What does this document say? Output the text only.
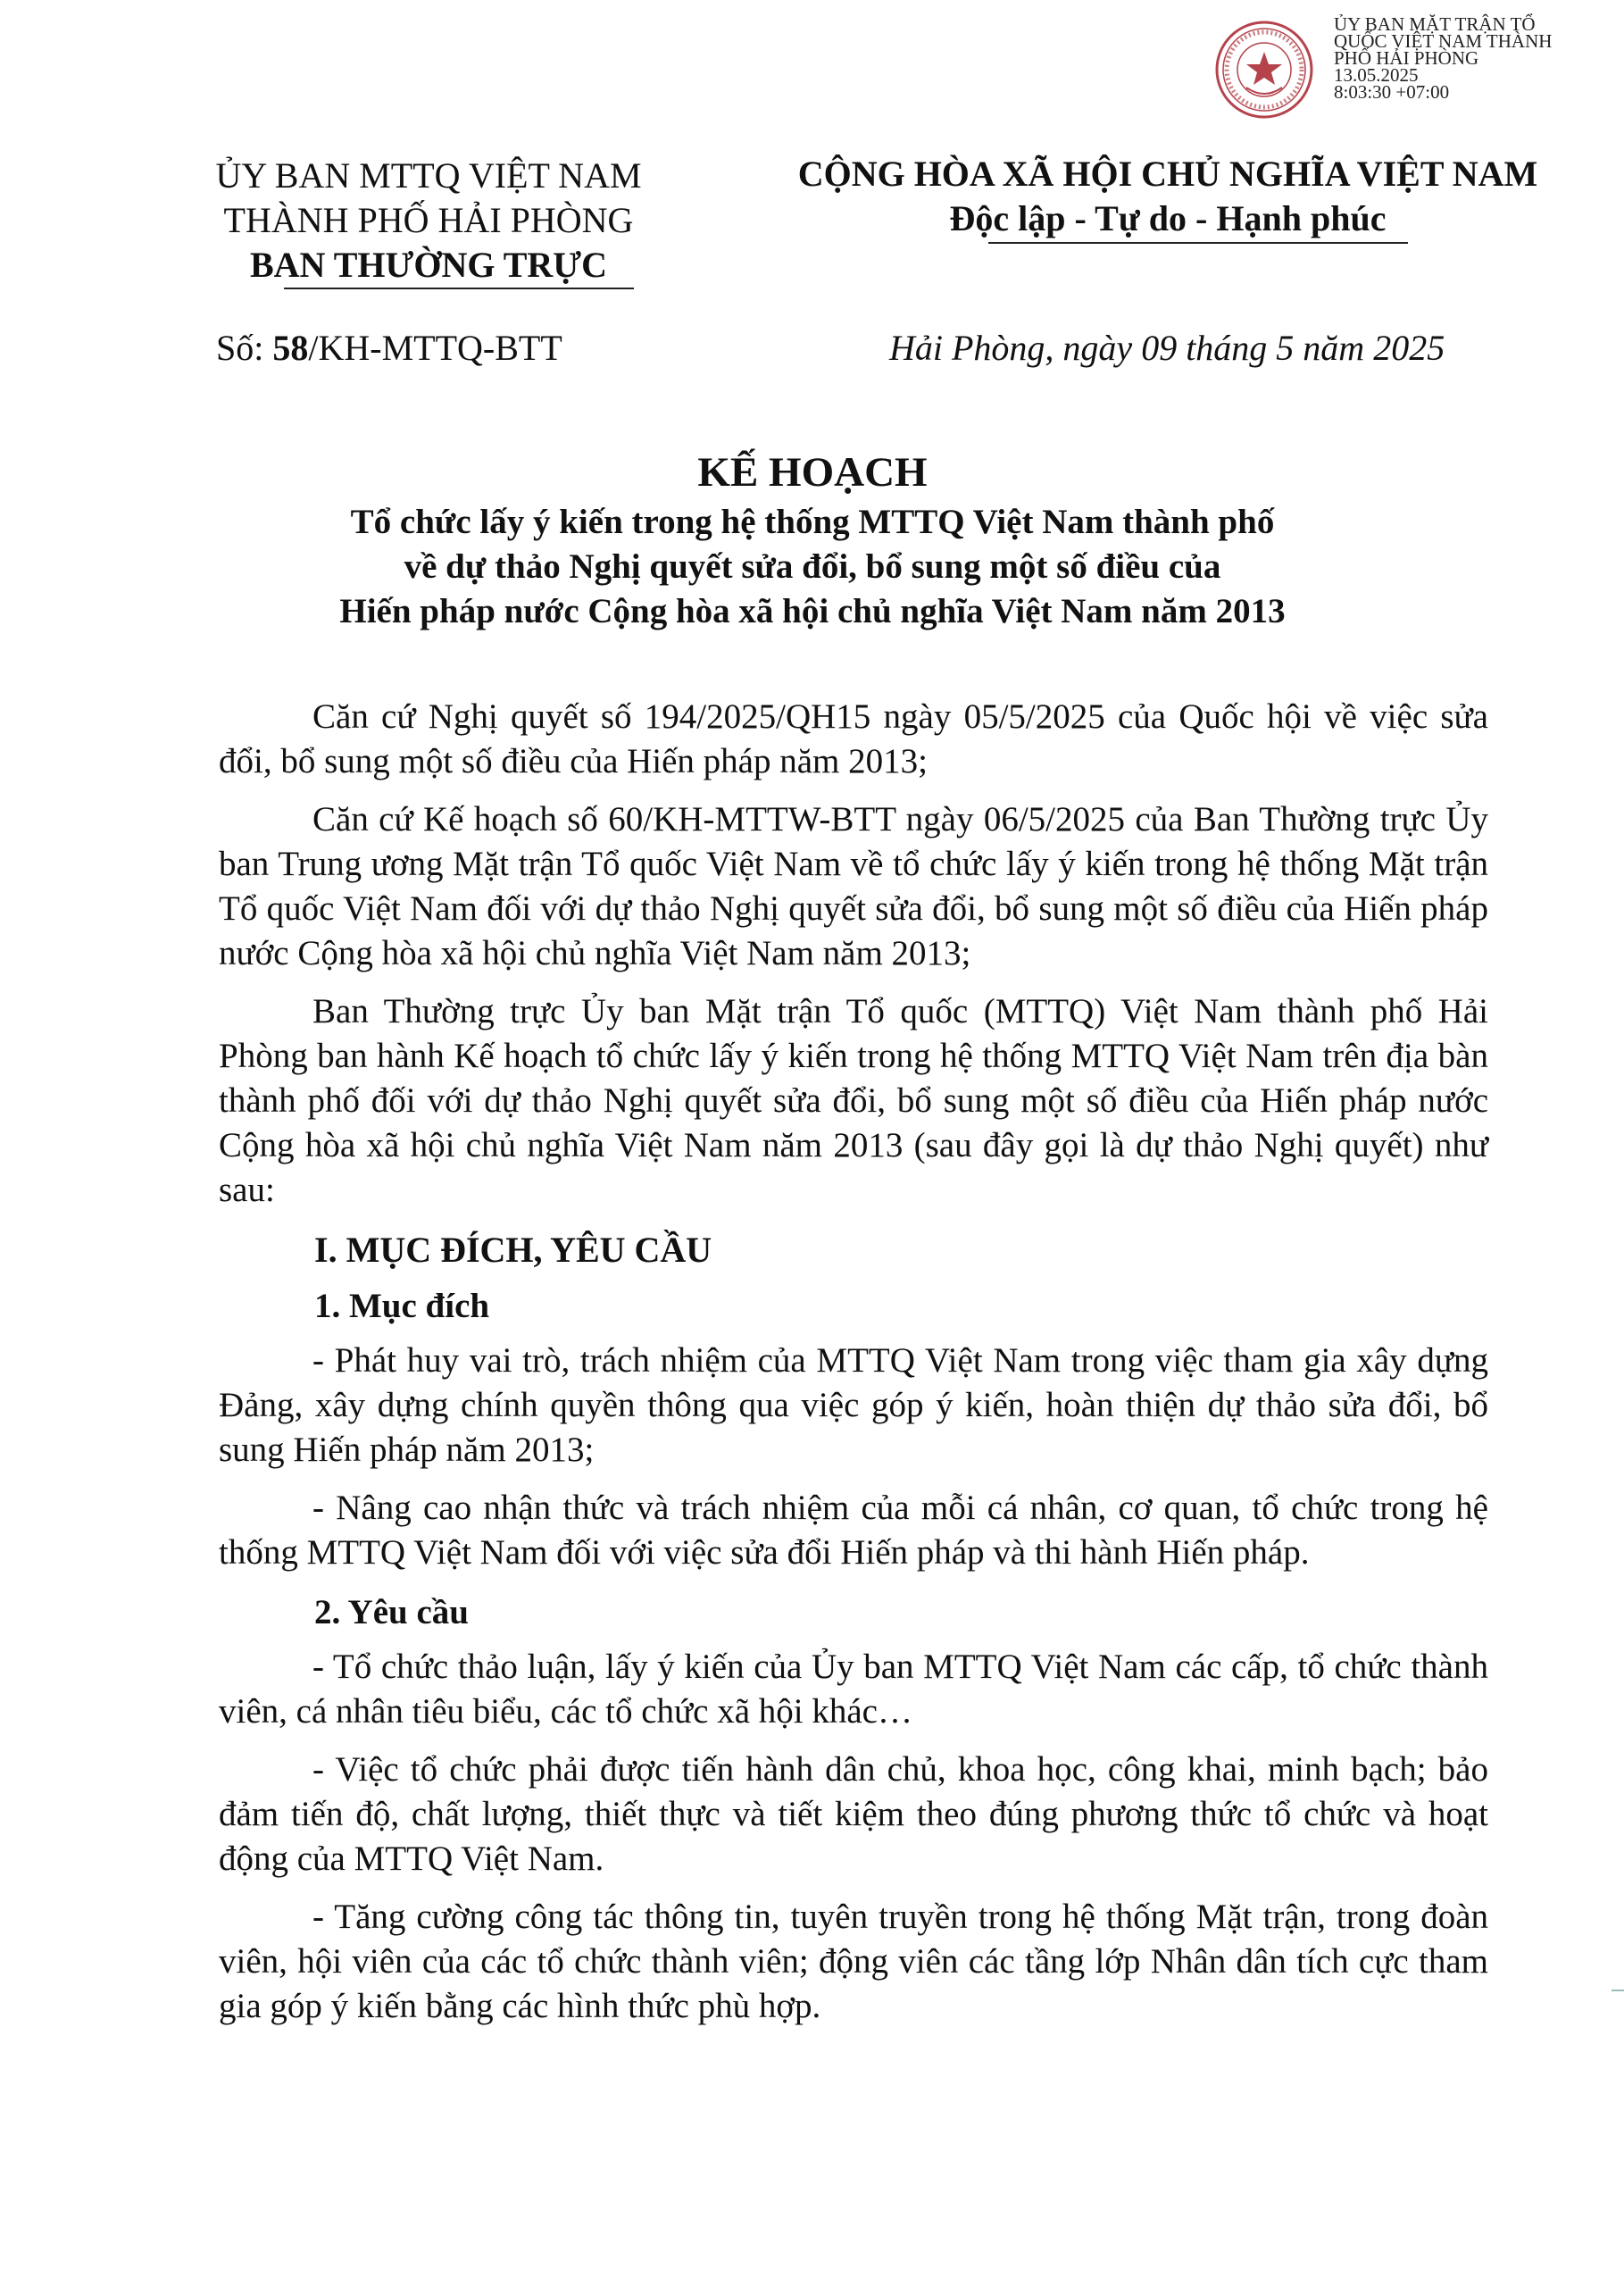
ỦY BAN MẶT TRẬN TỔ
QUỐC VIỆT NAM THÀNH
PHỐ HẢI PHÒNG
13.05.2025
8:03:30 +07:00
ỦY BAN MTTQ VIỆT NAM
THÀNH PHỐ HẢI PHÒNG
BAN THƯỜNG TRỰC
CỘNG HÒA XÃ HỘI CHỦ NGHĨA VIỆT NAM
Độc lập - Tự do - Hạnh phúc
Số: 58/KH-MTTQ-BTT	Hải Phòng, ngày 09 tháng 5 năm 2025
KẾ HOẠCH
Tổ chức lấy ý kiến trong hệ thống MTTQ Việt Nam thành phố
về dự thảo Nghị quyết sửa đổi, bổ sung một số điều của
Hiến pháp nước Cộng hòa xã hội chủ nghĩa Việt Nam năm 2013

Căn cứ Nghị quyết số 194/2025/QH15 ngày 05/5/2025 của Quốc hội về việc sửa đổi, bổ sung một số điều của Hiến pháp năm 2013;

Căn cứ Kế hoạch số 60/KH-MTTW-BTT ngày 06/5/2025 của Ban Thường trực Ủy ban Trung ương Mặt trận Tổ quốc Việt Nam về tổ chức lấy ý kiến trong hệ thống Mặt trận Tổ quốc Việt Nam đối với dự thảo Nghị quyết sửa đổi, bổ sung một số điều của Hiến pháp nước Cộng hòa xã hội chủ nghĩa Việt Nam năm 2013;

Ban Thường trực Ủy ban Mặt trận Tổ quốc (MTTQ) Việt Nam thành phố Hải Phòng ban hành Kế hoạch tổ chức lấy ý kiến trong hệ thống MTTQ Việt Nam trên địa bàn thành phố đối với dự thảo Nghị quyết sửa đổi, bổ sung một số điều của Hiến pháp nước Cộng hòa xã hội chủ nghĩa Việt Nam năm 2013 (sau đây gọi là dự thảo Nghị quyết) như sau:

I. MỤC ĐÍCH, YÊU CẦU
1. Mục đích

- Phát huy vai trò, trách nhiệm của MTTQ Việt Nam trong việc tham gia xây dựng Đảng, xây dựng chính quyền thông qua việc góp ý kiến, hoàn thiện dự thảo sửa đổi, bổ sung Hiến pháp năm 2013;

- Nâng cao nhận thức và trách nhiệm của mỗi cá nhân, cơ quan, tổ chức trong hệ thống MTTQ Việt Nam đối với việc sửa đổi Hiến pháp và thi hành Hiến pháp.

2. Yêu cầu

- Tổ chức thảo luận, lấy ý kiến của Ủy ban MTTQ Việt Nam các cấp, tổ chức thành viên, cá nhân tiêu biểu, các tổ chức xã hội khác…

- Việc tổ chức phải được tiến hành dân chủ, khoa học, công khai, minh bạch; bảo đảm tiến độ, chất lượng, thiết thực và tiết kiệm theo đúng phương thức tổ chức và hoạt động của MTTQ Việt Nam.

- Tăng cường công tác thông tin, tuyên truyền trong hệ thống Mặt trận, trong đoàn viên, hội viên của các tổ chức thành viên; động viên các tầng lớp Nhân dân tích cực tham gia góp ý kiến bằng các hình thức phù hợp.
